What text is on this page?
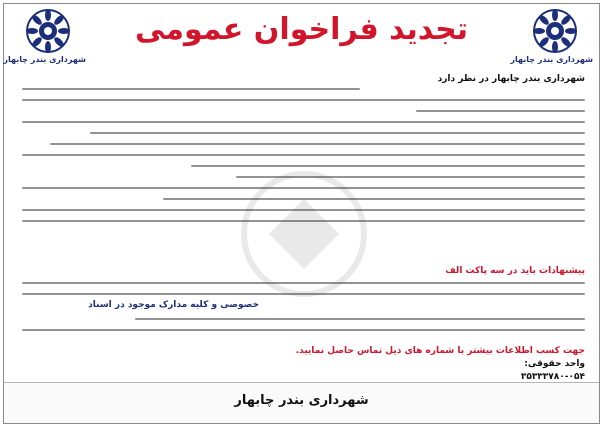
شهرداری بندر چابهار
تجدید فراخوان عمومی
شهرداری بندر چابهار
شهرداری بندر چابهار در نظر دارد
پیشنهادات باید در سه پاکت الف
خصوصی و کلیه مدارک موجود در اسناد
جهت کسب اطلاعات بیشتر با شماره های ذیل تماس حاصل نمایید.
واحد حقوقی:
۳۵۳۳۳۷۸۰-۰۵۴
شهرداری بندر چابهار
